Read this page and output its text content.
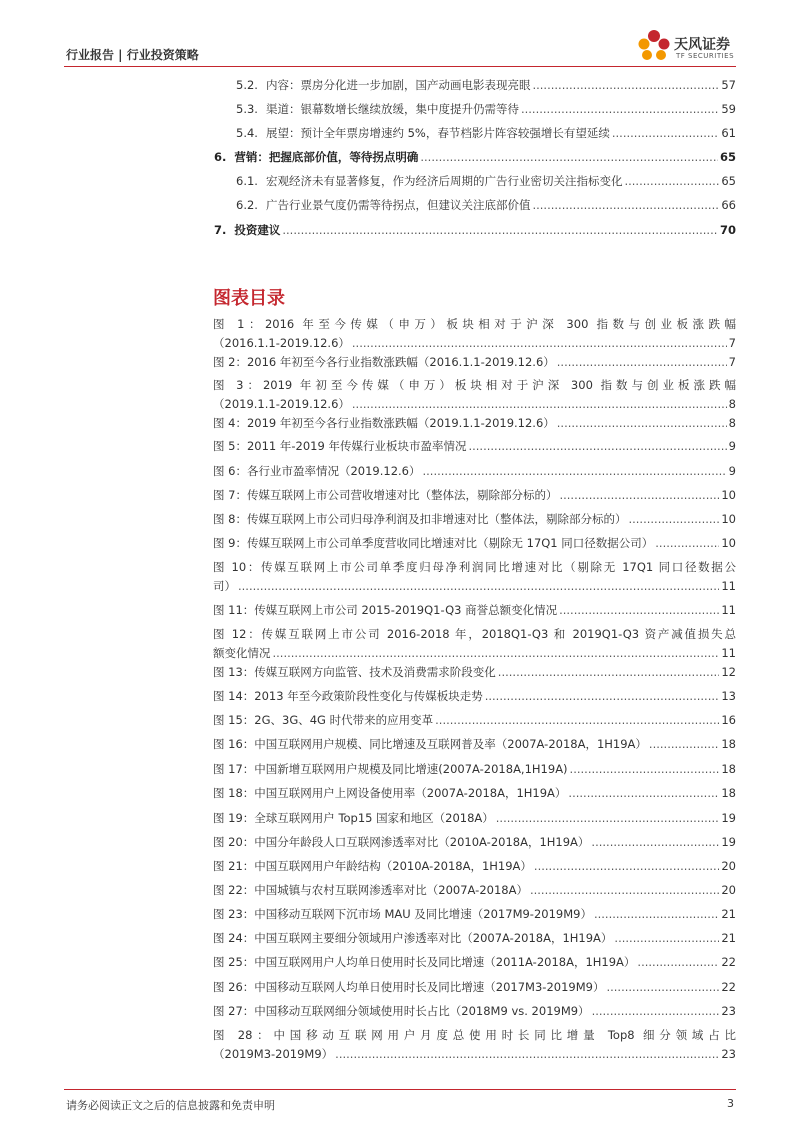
行业报告 | 行业投资策略
天风证券
TF SECURITIES
5.2. 内容：票房分化进一步加剧，国产动画电影表现亮眼 .....	57
5.3. 渠道：银幕数增长继续放缓，集中度提升仍需等待 .....	59
5.4. 展望：预计全年票房增速约 5%，春节档影片阵容较强增长有望延续 .....	61
6. 营销：把握底部价值，等待拐点明确 .....	65
6.1. 宏观经济未有显著修复，作为经济后周期的广告行业密切关注指标变化 .....	65
6.2. 广告行业景气度仍需等待拐点，但建议关注底部价值 .....	66
7. 投资建议 .....	70
图表目录
图 1：2016 年至今传媒（申万）板块相对于沪深 300 指数与创业板涨跌幅
（2016.1.1-2019.12.6） .....	7
图 2：2016 年初至今各行业指数涨跌幅（2016.1.1-2019.12.6） .....	7
图 3：2019 年初至今传媒（申万）板块相对于沪深 300 指数与创业板涨跌幅
（2019.1.1-2019.12.6） .....	8
图 4：2019 年初至今各行业指数涨跌幅（2019.1.1-2019.12.6） .....	8
图 5：2011 年-2019 年传媒行业板块市盈率情况 .....	9
图 6：各行业市盈率情况（2019.12.6） .....	9
图 7：传媒互联网上市公司营收增速对比（整体法，剔除部分标的） .....	10
图 8：传媒互联网上市公司归母净利润及扣非增速对比（整体法，剔除部分标的） .....	10
图 9：传媒互联网上市公司单季度营收同比增速对比（剔除无 17Q1 同口径数据公司） .....	10
图 10：传媒互联网上市公司单季度归母净利润同比增速对比（剔除无 17Q1 同口径数据公
司） .....	11
图 11：传媒互联网上市公司 2015-2019Q1-Q3 商誉总额变化情况 .....	11
图 12：传媒互联网上市公司 2016-2018 年，2018Q1-Q3 和 2019Q1-Q3 资产减值损失总
额变化情况 .....	11
图 13：传媒互联网方向监管、技术及消费需求阶段变化 .....	12
图 14：2013 年至今政策阶段性变化与传媒板块走势 .....	13
图 15：2G、3G、4G 时代带来的应用变革 .....	16
图 16：中国互联网用户规模、同比增速及互联网普及率（2007A-2018A，1H19A） .....	18
图 17：中国新增互联网用户规模及同比增速(2007A-2018A,1H19A) .....	18
图 18：中国互联网用户上网设备使用率（2007A-2018A，1H19A） .....	18
图 19：全球互联网用户 Top15 国家和地区（2018A） .....	19
图 20：中国分年龄段人口互联网渗透率对比（2010A-2018A，1H19A） .....	19
图 21：中国互联网用户年龄结构（2010A-2018A，1H19A） .....	20
图 22：中国城镇与农村互联网渗透率对比（2007A-2018A） .....	20
图 23：中国移动互联网下沉市场 MAU 及同比增速（2017M9-2019M9） .....	21
图 24：中国互联网主要细分领域用户渗透率对比（2007A-2018A，1H19A） .....	21
图 25：中国互联网用户人均单日使用时长及同比增速（2011A-2018A，1H19A） .....	22
图 26：中国移动互联网人均单日使用时长及同比增速（2017M3-2019M9） .....	22
图 27：中国移动互联网细分领域使用时长占比（2018M9 vs. 2019M9） .....	23
图 28：中国移动互联网用户月度总使用时长同比增量 Top8 细分领域占比
（2019M3-2019M9） .....	23
请务必阅读正文之后的信息披露和免责申明	3
